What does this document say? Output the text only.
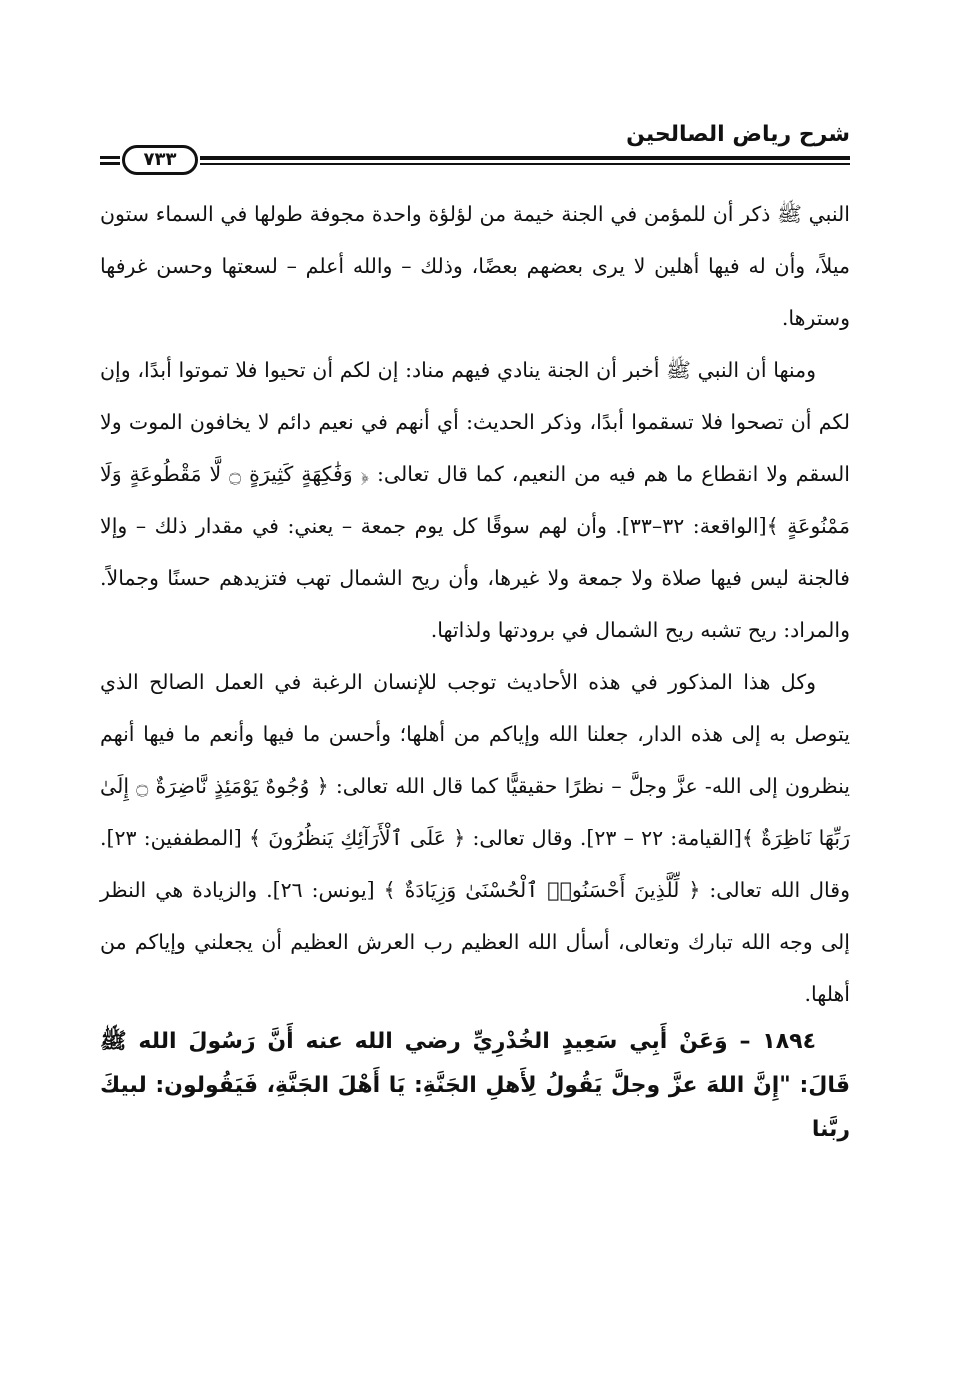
شرح رياض الصالحين
٧٣٣

النبي ﷺ ذكر أن للمؤمن في الجنة خيمة من لؤلؤة واحدة مجوفة طولها في السماء ستون ميلاً، وأن له فيها أهلين لا يرى بعضهم بعضًا، وذلك – والله أعلم – لسعتها وحسن غرفها وسترها.

ومنها أن النبي ﷺ أخبر أن الجنة ينادي فيهم مناد: إن لكم أن تحيوا فلا تموتوا أبدًا، وإن لكم أن تصحوا فلا تسقموا أبدًا، وذكر الحديث: أي أنهم في نعيم دائم لا يخافون الموت ولا السقم ولا انقطاع ما هم فيه من النعيم، كما قال تعالى: ﴿ وَفَٰكِهَةٍ كَثِيرَةٍ ۝ لَّا مَقْطُوعَةٍ وَلَا مَمْنُوعَةٍ ﴾[الواقعة: ٣٢–٣٣]. وأن لهم سوقًا كل يوم جمعة – يعني: في مقدار ذلك – وإلا فالجنة ليس فيها صلاة ولا جمعة ولا غيرها، وأن ريح الشمال تهب فتزيدهم حسنًا وجمالاً. والمراد: ريح تشبه ريح الشمال في برودتها ولذاتها.

وكل هذا المذكور في هذه الأحاديث توجب للإنسان الرغبة في العمل الصالح الذي يتوصل به إلى هذه الدار، جعلنا الله وإياكم من أهلها؛ وأحسن ما فيها وأنعم ما فيها أنهم ينظرون إلى الله- عزَّ وجلَّ – نظرًا حقيقيًّا كما قال الله تعالى: ﴿ وُجُوهٌ يَوْمَئِذٍ نَّاضِرَةٌ ۝ إِلَىٰ رَبِّهَا نَاظِرَةٌ ﴾[القيامة: ٢٢ – ٢٣]. وقال تعالى: ﴿ عَلَى ٱلْأَرَآئِكِ يَنظُرُونَ ﴾ [المطففين: ٢٣]. وقال الله تعالى: ﴿ لِّلَّذِينَ أَحْسَنُوا۟ ٱلْحُسْنَىٰ وَزِيَادَةٌ ﴾ [يونس: ٢٦]. والزيادة هي النظر إلى وجه الله تبارك وتعالى، أسأل الله العظيم رب العرش العظيم أن يجعلني وإياكم من أهلها.

١٨٩٤ – وَعَنْ أَبِي سَعِيدٍ الخُدْرِيِّ رضي الله عنه أَنَّ رَسُولَ الله ﷺ قَالَ: "إِنَّ اللهَ عزَّ وجلَّ يَقُولُ لِأَهلِ الجَنَّةِ: يَا أَهْلَ الجَنَّةِ، فَيَقُولون: لبيكَ ربَّنا
